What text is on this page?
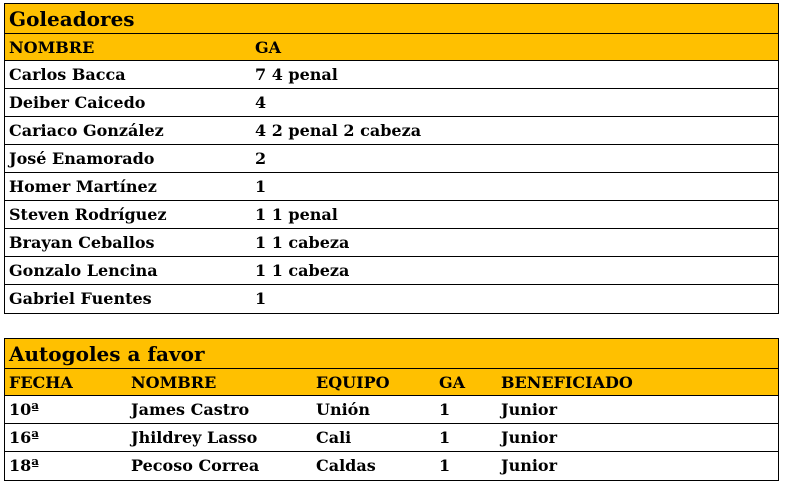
Goleadores
NOMBRE	GA
Carlos Bacca	7 4 penal
Deiber Caicedo	4
Cariaco González	4 2 penal 2 cabeza
José Enamorado	2
Homer Martínez	1
Steven Rodríguez	1 1 penal
Brayan Ceballos	1 1 cabeza
Gonzalo Lencina	1 1 cabeza
Gabriel Fuentes	1
Autogoles a favor
FECHA	NOMBRE	EQUIPO	GA BENEFICIADO
10ª	James Castro	Unión	1	Junior
16ª	Jhildrey Lasso	Cali	1	Junior
18ª	Pecoso Correa	Caldas	1	Junior
